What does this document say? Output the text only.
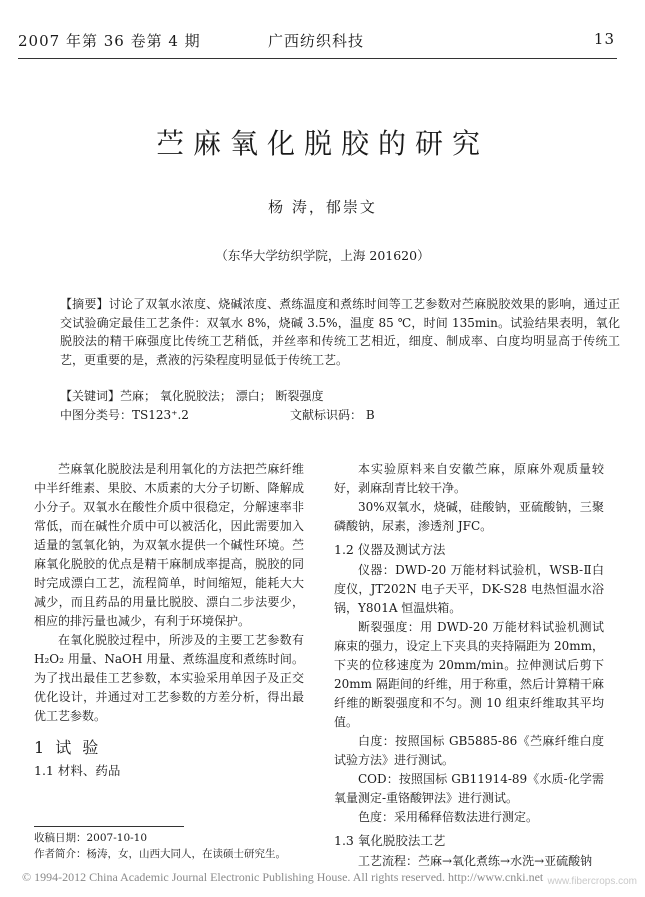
2007 年第 36 卷第 4 期	广西纺织科技	13
苎麻氧化脱胶的研究
杨 涛，郁崇文
（东华大学纺织学院，上海 201620）
【摘要】讨论了双氧水浓度、烧碱浓度、煮练温度和煮练时间等工艺参数对苎麻脱胶效果的影响，通过正交试验确定最佳工艺条件：双氧水 8%，烧碱 3.5%，温度 85 ℃，时间 135min。试验结果表明，氧化脱胶法的精干麻强度比传统工艺稍低，并丝率和传统工艺相近，细度、制成率、白度均明显高于传统工艺，更重要的是，煮液的污染程度明显低于传统工艺。
【关键词】苎麻； 氧化脱胶法； 漂白； 断裂强度
中图分类号：TS123⁺.2	文献标识码： B

苎麻氧化脱胶法是利用氧化的方法把苎麻纤维中半纤维素、果胶、木质素的大分子切断、降解成小分子。双氧水在酸性介质中很稳定，分解速率非常低，而在碱性介质中可以被活化，因此需要加入适量的氢氧化钠，为双氧水提供一个碱性环境。苎麻氧化脱胶的优点是精干麻制成率提高，脱胶的同时完成漂白工艺，流程简单，时间缩短，能耗大大减少，而且药品的用量比脱胶、漂白二步法要少，相应的排污量也减少，有利于环境保护。

在氧化脱胶过程中，所涉及的主要工艺参数有 H₂O₂ 用量、NaOH 用量、煮练温度和煮练时间。为了找出最佳工艺参数，本实验采用单因子及正交优化设计，并通过对工艺参数的方差分析，得出最优工艺参数。

1 试 验

1.1 材料、药品

本实验原料来自安徽苎麻，原麻外观质量较好，剥麻刮青比较干净。

30%双氧水，烧碱，硅酸钠，亚硫酸钠，三聚磷酸钠，尿素，渗透剂 JFC。

1.2 仪器及测试方法

仪器：DWD-20 万能材料试验机，WSB-Ⅱ白度仪，JT202N 电子天平，DK-S28 电热恒温水浴锅，Y801A 恒温烘箱。

断裂强度：用 DWD-20 万能材料试验机测试麻束的强力，设定上下夹具的夹持隔距为 20mm，下夹的位移速度为 20mm/min。拉伸测试后剪下 20mm 隔距间的纤维，用于称重，然后计算精干麻纤维的断裂强度和不匀。测 10 组束纤维取其平均值。

白度：按照国标 GB5885-86《苎麻纤维白度试验方法》进行测试。

COD：按照国标 GB11914-89《水质-化学需氧量测定-重铬酸钾法》进行测试。

色度：采用稀释倍数法进行测定。

1.3 氧化脱胶法工艺

工艺流程：苎麻→氧化煮练→水洗→亚硫酸钠

收稿日期：2007-10-10
作者简介：杨涛，女，山西大同人，在读硕士研究生。
© 1994-2012 China Academic Journal Electronic Publishing House. All rights reserved. http://www.cnki.net www.fibercrops.com
